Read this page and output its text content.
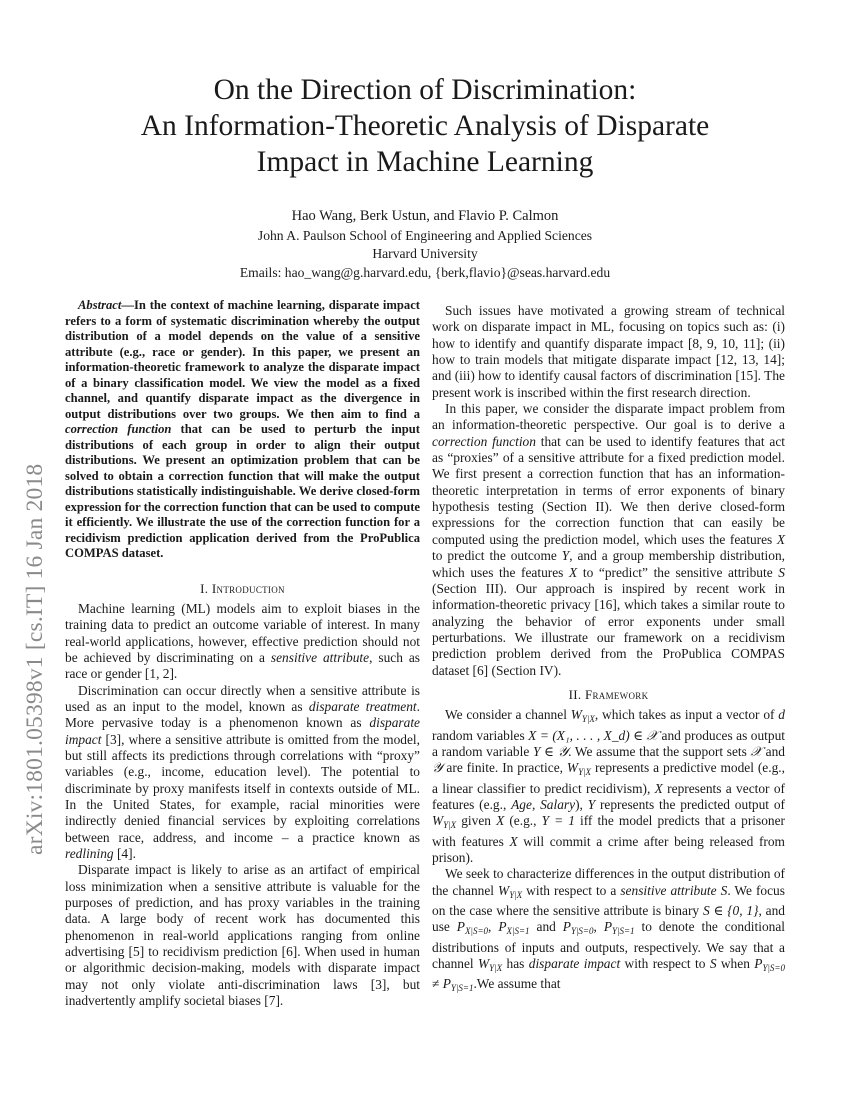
arXiv:1801.05398v1 [cs.IT] 16 Jan 2018
On the Direction of Discrimination:
An Information-Theoretic Analysis of Disparate
Impact in Machine Learning
Hao Wang, Berk Ustun, and Flavio P. Calmon
John A. Paulson School of Engineering and Applied Sciences
Harvard University
Emails: hao_wang@g.harvard.edu, {berk,flavio}@seas.harvard.edu

Abstract—In the context of machine learning, disparate impact refers to a form of systematic discrimination whereby the output distribution of a model depends on the value of a sensitive attribute (e.g., race or gender). In this paper, we present an information-theoretic framework to analyze the disparate impact of a binary classification model. We view the model as a fixed channel, and quantify disparate impact as the divergence in output distributions over two groups. We then aim to find a correction function that can be used to perturb the input distributions of each group in order to align their output distributions. We present an optimization problem that can be solved to obtain a correction function that will make the output distributions statistically indistinguishable. We derive closed-form expression for the correction function that can be used to compute it efficiently. We illustrate the use of the correction function for a recidivism prediction application derived from the ProPublica COMPAS dataset.

I. Introduction

Machine learning (ML) models aim to exploit biases in the training data to predict an outcome variable of interest. In many real-world applications, however, effective prediction should not be achieved by discriminating on a sensitive attribute, such as race or gender [1, 2].

Discrimination can occur directly when a sensitive attribute is used as an input to the model, known as disparate treatment. More pervasive today is a phenomenon known as disparate impact [3], where a sensitive attribute is omitted from the model, but still affects its predictions through correlations with “proxy” variables (e.g., income, education level). The potential to discriminate by proxy manifests itself in contexts outside of ML. In the United States, for example, racial minorities were indirectly denied financial services by exploiting correlations between race, address, and income – a practice known as redlining [4].

Disparate impact is likely to arise as an artifact of empirical loss minimization when a sensitive attribute is valuable for the purposes of prediction, and has proxy variables in the training data. A large body of recent work has documented this phenomenon in real-world applications ranging from online advertising [5] to recidivism prediction [6]. When used in human or algorithmic decision-making, models with disparate impact may not only violate anti-discrimination laws [3], but inadvertently amplify societal biases [7].

Such issues have motivated a growing stream of technical work on disparate impact in ML, focusing on topics such as: (i) how to identify and quantify disparate impact [8, 9, 10, 11]; (ii) how to train models that mitigate disparate impact [12, 13, 14]; and (iii) how to identify causal factors of discrimination [15]. The present work is inscribed within the first research direction.

In this paper, we consider the disparate impact problem from an information-theoretic perspective. Our goal is to derive a correction function that can be used to identify features that act as “proxies” of a sensitive attribute for a fixed prediction model. We first present a correction function that has an information-theoretic interpretation in terms of error exponents of binary hypothesis testing (Section II). We then derive closed-form expressions for the correction function that can easily be computed using the prediction model, which uses the features X to predict the outcome Y, and a group membership distribution, which uses the features X to “predict” the sensitive attribute S (Section III). Our approach is inspired by recent work in information-theoretic privacy [16], which takes a similar route to analyzing the behavior of error exponents under small perturbations. We illustrate our framework on a recidivism prediction problem derived from the ProPublica COMPAS dataset [6] (Section IV).

II. Framework

We consider a channel $W_{Y|X}$, which takes as input a vector of d random variables X = (X₁, . . . , X_d) ∈ 𝒳 and produces as output a random variable Y ∈ 𝒴. We assume that the support sets 𝒳 and 𝒴 are finite. In practice, $W_{Y|X}$ represents a predictive model (e.g., a linear classifier to predict recidivism), X represents a vector of features (e.g., Age, Salary), Y represents the predicted output of $W_{Y|X}$ given X (e.g., Y = 1 iff the model predicts that a prisoner with features X will commit a crime after being released from prison).

We seek to characterize differences in the output distribution of the channel $W_{Y|X}$ with respect to a sensitive attribute S. We focus on the case where the sensitive attribute is binary S ∈ {0, 1}, and use $P_{X|S=0}$, $P_{X|S=1}$ and $P_{Y|S=0}$, $P_{Y|S=1}$ to denote the conditional distributions of inputs and outputs, respectively. We say that a channel $W_{Y|X}$ has disparate impact with respect to S when $P_{Y|S=0} \ne P_{Y|S=1}.We$ assume that
